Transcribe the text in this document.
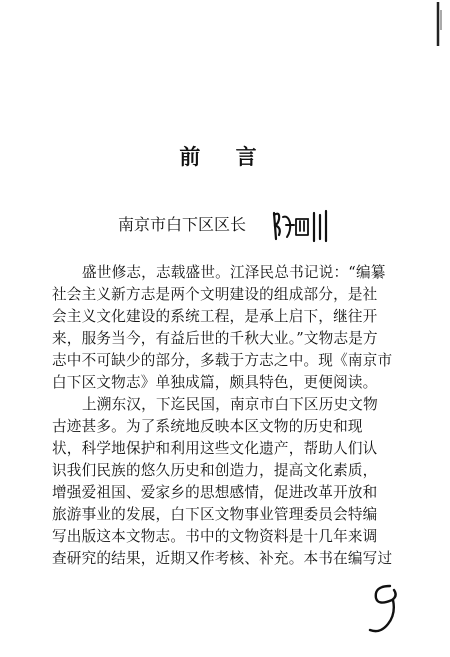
前 言
南京市白下区区长
盛世修志，志载盛世。江泽民总书记说：“编纂
社会主义新方志是两个文明建设的组成部分，是社
会主义文化建设的系统工程，是承上启下，继往开
来，服务当今，有益后世的千秋大业。”文物志是方
志中不可缺少的部分，多载于方志之中。现《南京市
白下区文物志》单独成篇，颇具特色，更便阅读。
上溯东汉，下迄民国，南京市白下区历史文物
古迹甚多。为了系统地反映本区文物的历史和现
状，科学地保护和利用这些文化遗产，帮助人们认
识我们民族的悠久历史和创造力，提高文化素质，
增强爱祖国、爱家乡的思想感情，促进改革开放和
旅游事业的发展，白下区文物事业管理委员会特编
写出版这本文物志。书中的文物资料是十几年来调
查研究的结果，近期又作考核、补充。本书在编写过
